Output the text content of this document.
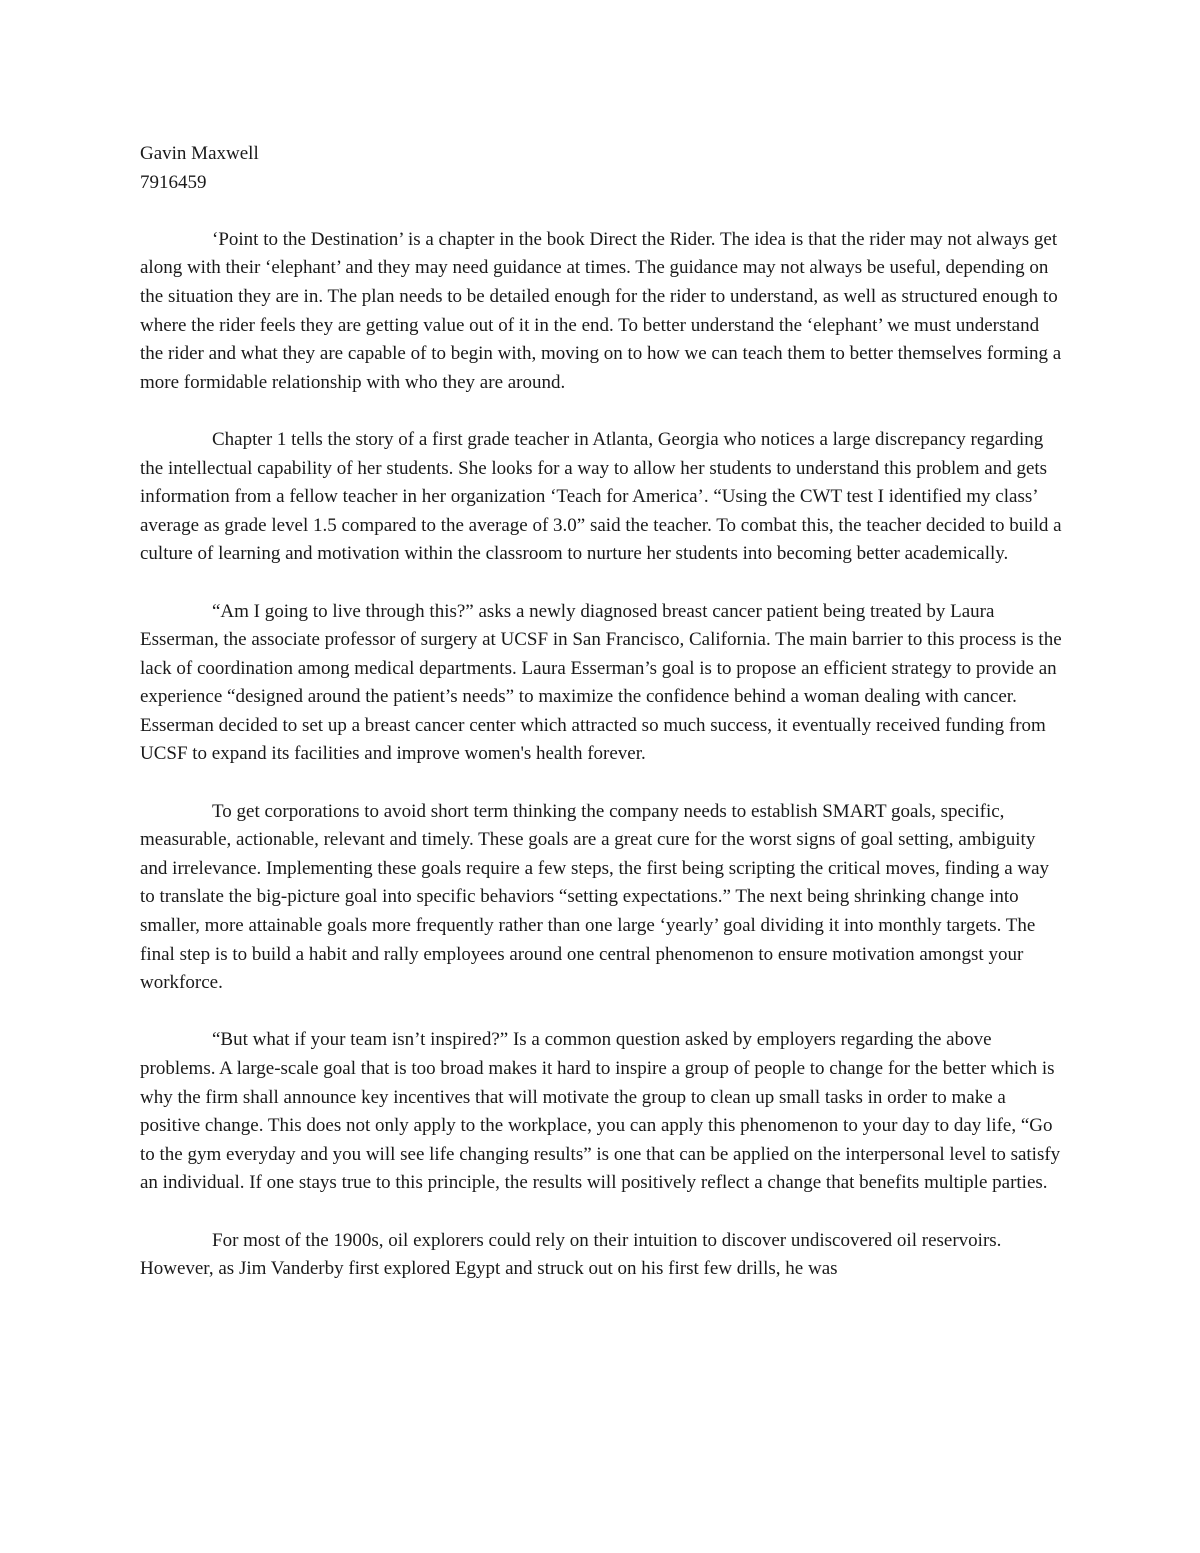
Gavin Maxwell

7916459

‘Point to the Destination’ is a chapter in the book Direct the Rider. The idea is that the rider may not always get along with their ‘elephant’ and they may need guidance at times. The guidance may not always be useful, depending on the situation they are in. The plan needs to be detailed enough for the rider to understand, as well as structured enough to where the rider feels they are getting value out of it in the end. To better understand the ‘elephant’ we must understand the rider and what they are capable of to begin with, moving on to how we can teach them to better themselves forming a more formidable relationship with who they are around.

Chapter 1 tells the story of a first grade teacher in Atlanta, Georgia who notices a large discrepancy regarding the intellectual capability of her students. She looks for a way to allow her students to understand this problem and gets information from a fellow teacher in her organization ‘Teach for America’. “Using the CWT test I identified my class’ average as grade level 1.5 compared to the average of 3.0” said the teacher. To combat this, the teacher decided to build a culture of learning and motivation within the classroom to nurture her students into becoming better academically.

“Am I going to live through this?” asks a newly diagnosed breast cancer patient being treated by Laura Esserman, the associate professor of surgery at UCSF in San Francisco, California. The main barrier to this process is the lack of coordination among medical departments. Laura Esserman’s goal is to propose an efficient strategy to provide an experience “designed around the patient’s needs” to maximize the confidence behind a woman dealing with cancer. Esserman decided to set up a breast cancer center which attracted so much success, it eventually received funding from UCSF to expand its facilities and improve women's health forever.

To get corporations to avoid short term thinking the company needs to establish SMART goals, specific, measurable, actionable, relevant and timely. These goals are a great cure for the worst signs of goal setting, ambiguity and irrelevance. Implementing these goals require a few steps, the first being scripting the critical moves, finding a way to translate the big-picture goal into specific behaviors “setting expectations.” The next being shrinking change into smaller, more attainable goals more frequently rather than one large ‘yearly’ goal dividing it into monthly targets. The final step is to build a habit and rally employees around one central phenomenon to ensure motivation amongst your workforce.

“But what if your team isn’t inspired?” Is a common question asked by employers regarding the above problems. A large-scale goal that is too broad makes it hard to inspire a group of people to change for the better which is why the firm shall announce key incentives that will motivate the group to clean up small tasks in order to make a positive change. This does not only apply to the workplace, you can apply this phenomenon to your day to day life, “Go to the gym everyday and you will see life changing results” is one that can be applied on the interpersonal level to satisfy an individual. If one stays true to this principle, the results will positively reflect a change that benefits multiple parties.

For most of the 1900s, oil explorers could rely on their intuition to discover undiscovered oil reservoirs. However, as Jim Vanderby first explored Egypt and struck out on his first few drills, he was
